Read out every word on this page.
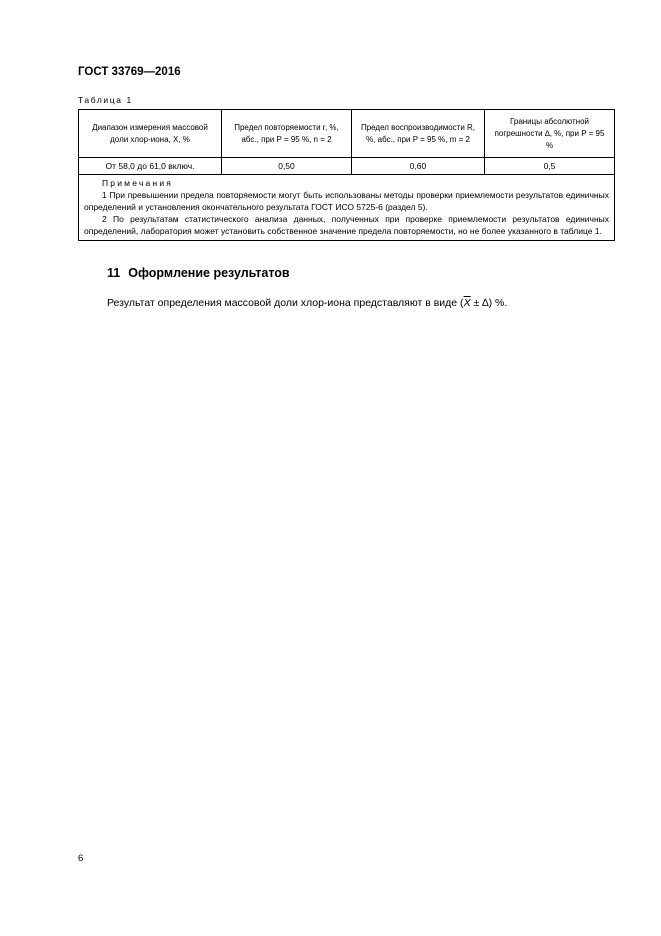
ГОСТ 33769—2016
Таблица 1
Диапазон измерения массовой доли хлор-иона, X, %	Предел повторяемости r, %, абс., при P = 95 %, n = 2	Предел воспроизводимости R, %, абс., при P = 95 %, m = 2	Границы абсолютной погрешности ∆, %, при P = 95 %

От 58,0 до 61,0 включ.	0,50	0,60	0,5

Примечания
1 При превышении предела повторяемости могут быть использованы методы проверки приемлемости результатов единичных определений и установления окончательного результата ГОСТ ИСО 5725-6 (раздел 5).
2 По результатам статистического анализа данных, полученных при проверке приемлемости результатов единичных определений, лаборатория может установить собственное значение предела повторяемости, но не более указанного в таблице 1.			
11 Оформление результатов
Результат определения массовой доли хлор-иона представляют в виде ($\overline{X}$ ± ∆) %.
6
